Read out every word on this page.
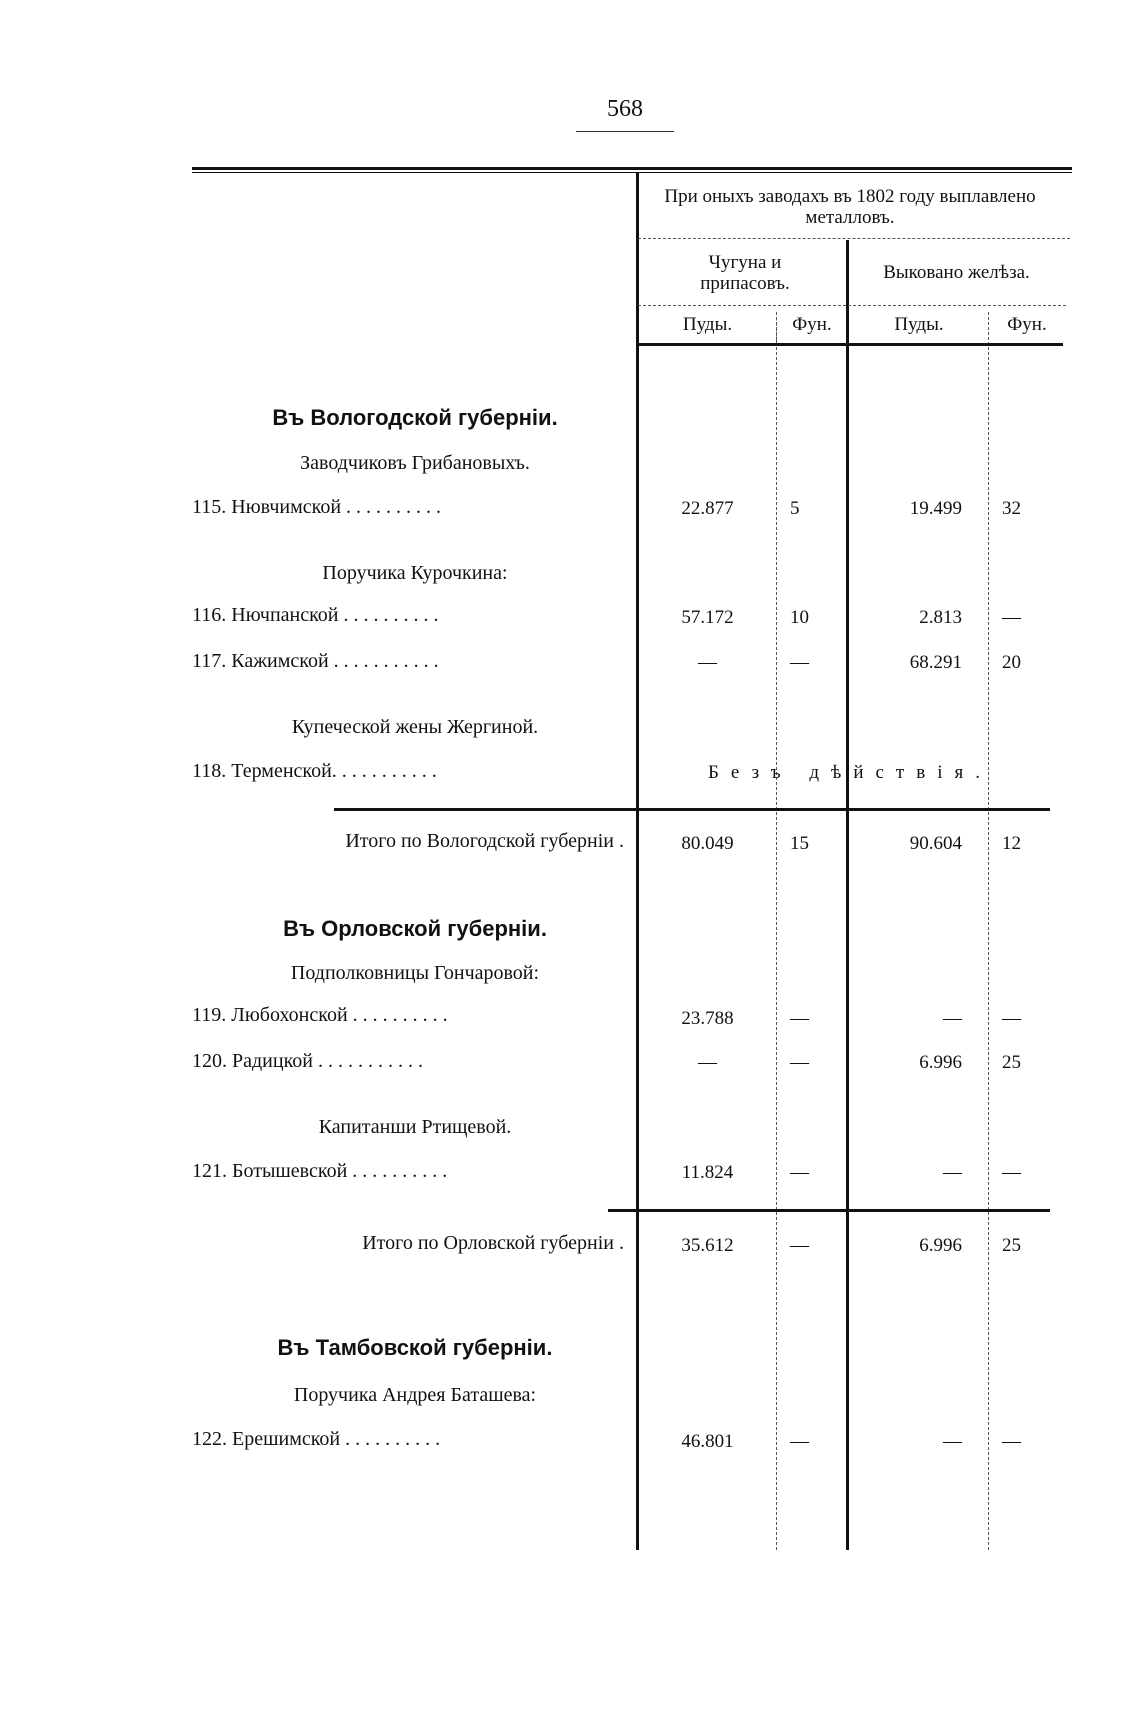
568
При оныхъ заводахъ въ 1802 году выплавлено металловъ.
Чугуна и припасовъ.
Выковано желѣза.
Пуды.	Фун.	Пуды.	Фун.
Въ Вологодской губерніи.
Заводчиковъ Грибановыхъ.
115. Нювчимской . . . . . . . . . .	22.877	5	19.499	32
Поручика Курочкина:
116. Нючпанской . . . . . . . . . .	57.172	10	2.813	—
117. Кажимской . . . . . . . . . . .	—	—	68.291	20
Купеческой жены Жергиной.
118. Терменской. . . . . . . . . . .	Безъ дѣйствія.
Итого по Вологодской губерніи .	80.049	15	90.604	12
Въ Орловской губерніи.
Подполковницы Гончаровой:
119. Любохонской . . . . . . . . . .	23.788	—	—	—
120. Радицкой . . . . . . . . . . .	—	—	6.996	25
Капитанши Ртищевой.
121. Ботышевской . . . . . . . . . .	11.824	—	—	—
Итого по Орловской губерніи .	35.612	—	6.996	25
Въ Тамбовской губерніи.
Поручика Андрея Баташева:
122. Ерешимской . . . . . . . . . .	46.801	—	—	—
